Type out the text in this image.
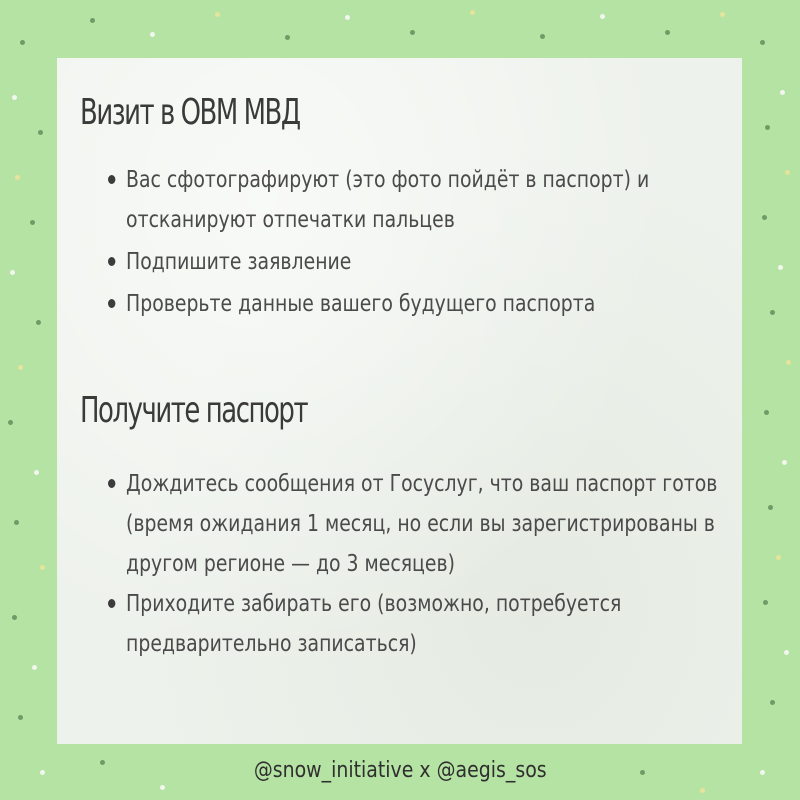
Визит в ОВМ МВД
Вас сфотографируют (это фото пойдёт в паспорт) и отсканируют отпечатки пальцев
Подпишите заявление
Проверьте данные вашего будущего паспорта
Получите паспорт
Дождитесь сообщения от Госуслуг, что ваш паспорт готов (время ожидания 1 месяц, но если вы зарегистрированы в другом регионе — до 3 месяцев)
Приходите забирать его (возможно, потребуется предварительно записаться)
@snow_initiative x @aegis_sos
